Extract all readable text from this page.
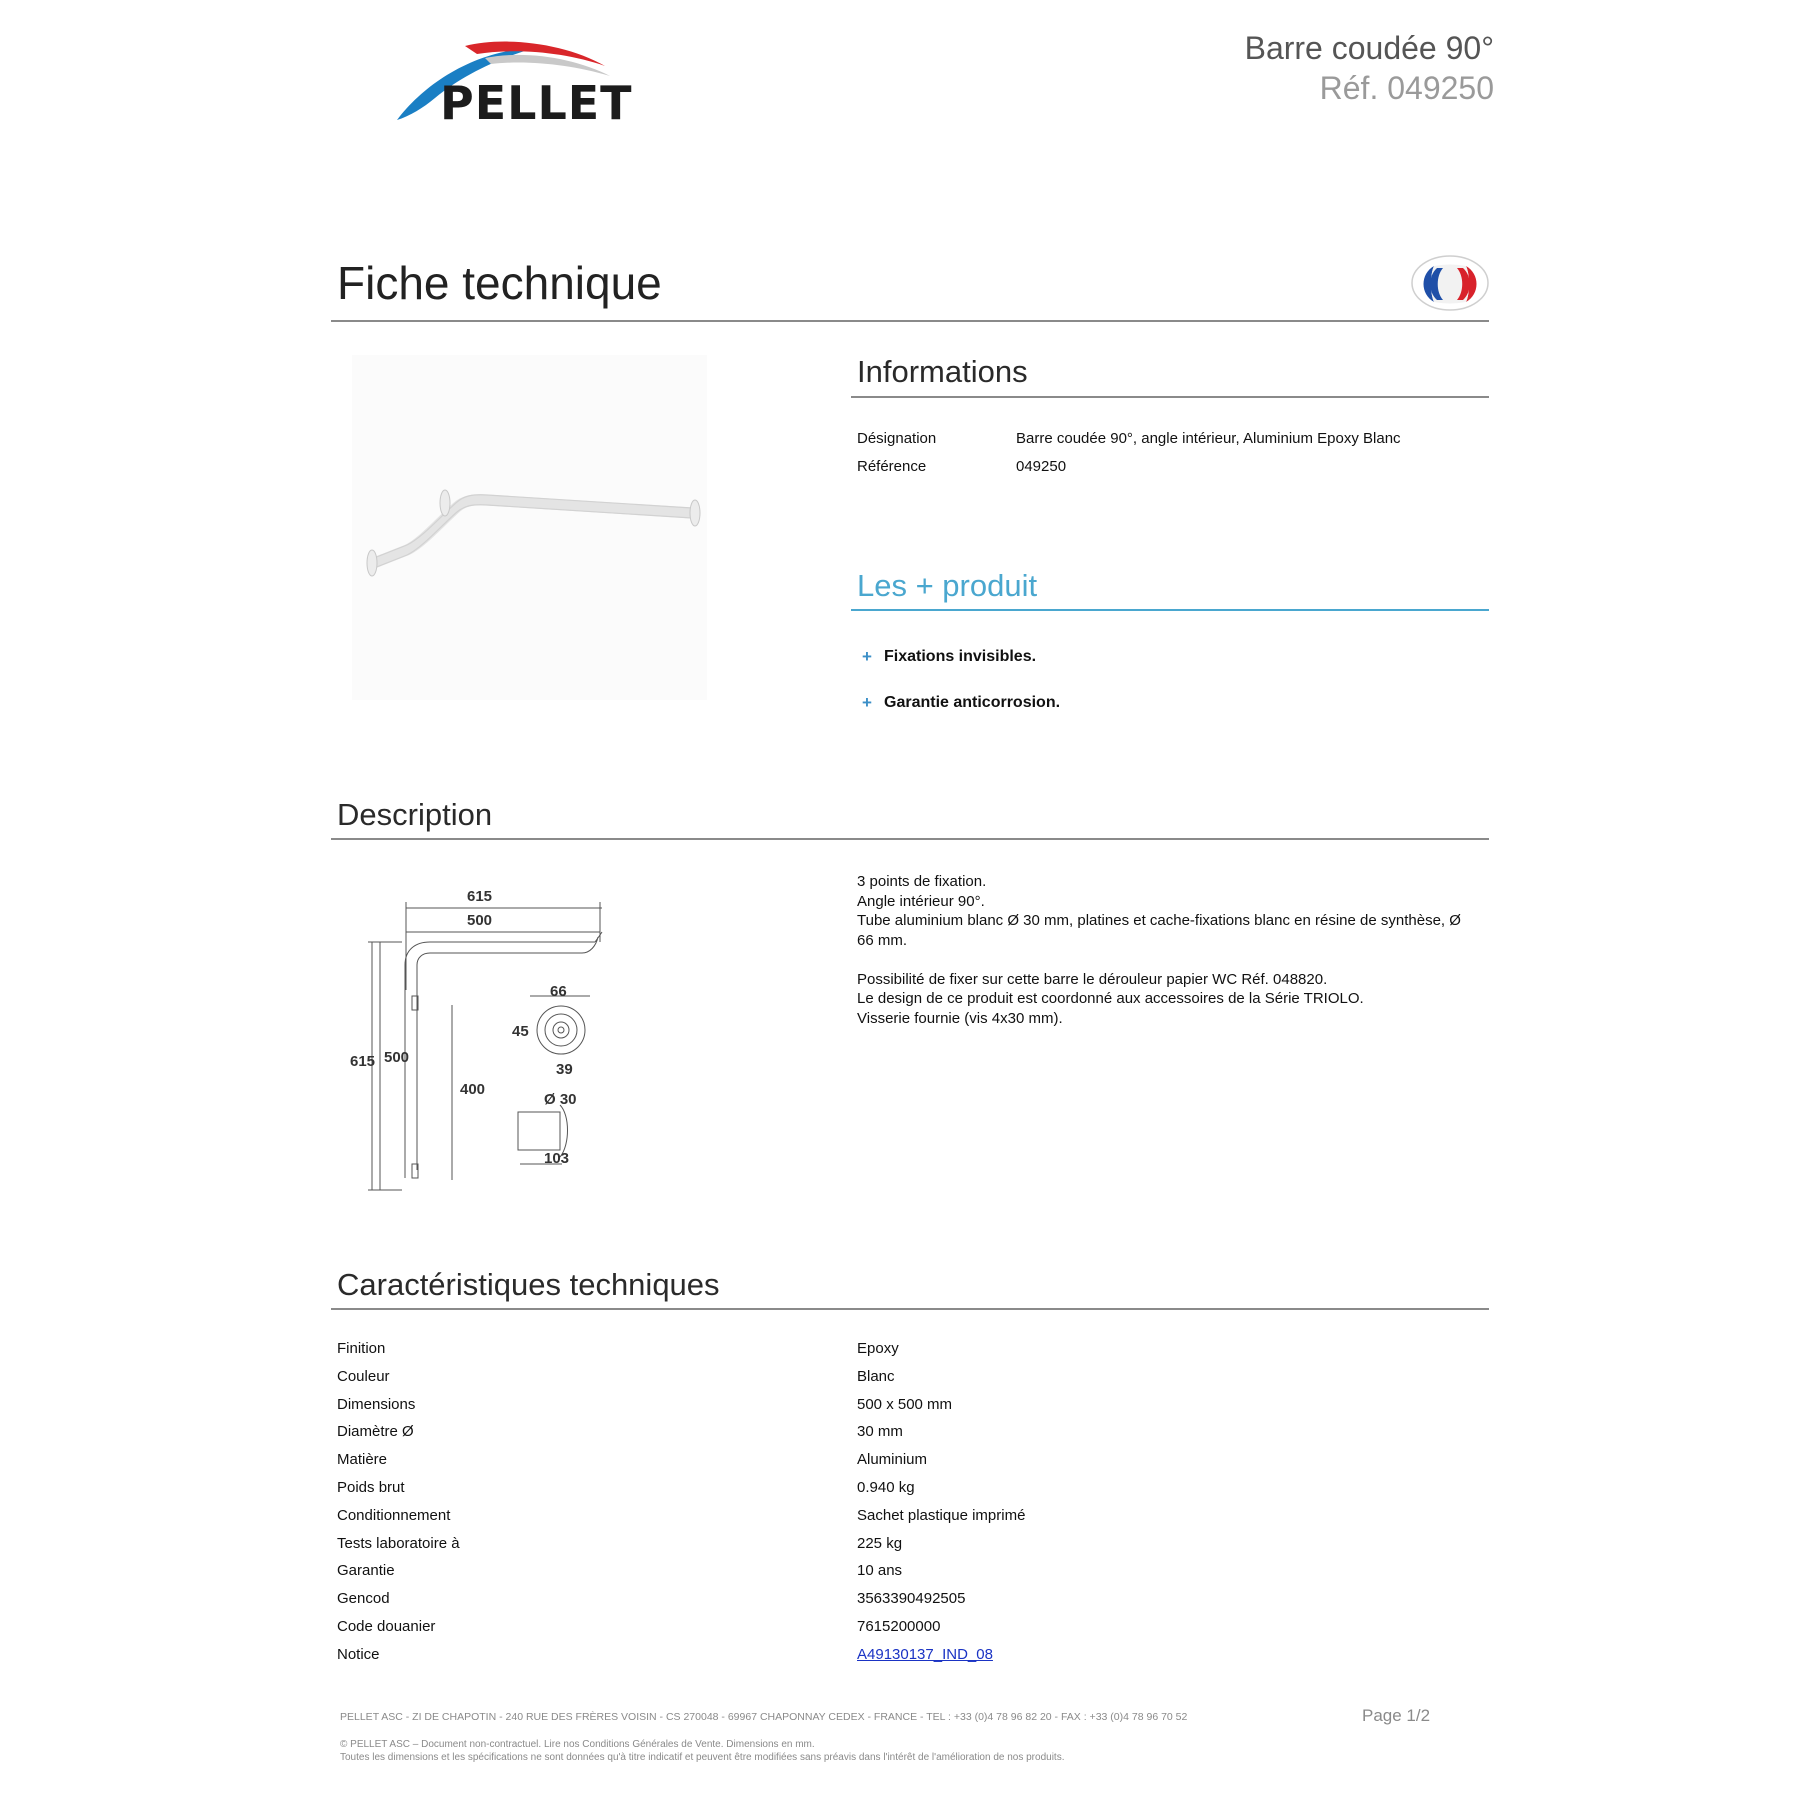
PELLET
Barre coudée 90°
Réf. 049250
Fiche technique
Informations
Désignation	Barre coudée 90°, angle intérieur, Aluminium Epoxy Blanc
Référence	049250
Les + produit
+ Fixations invisibles.
+ Garantie anticorrosion.
Description
615
500
615 500
400
66
45
39
Ø 30
103
3 points de fixation.
Angle intérieur 90°.
Tube aluminium blanc Ø 30 mm, platines et cache-fixations blanc en résine de synthèse, Ø
66 mm.
Possibilité de fixer sur cette barre le dérouleur papier WC Réf. 048820.
Le design de ce produit est coordonné aux accessoires de la Série TRIOLO.
Visserie fournie (vis 4x30 mm).
Caractéristiques techniques
Finition	Epoxy
Couleur	Blanc
Dimensions	500 x 500 mm
Diamètre Ø	30 mm
Matière	Aluminium
Poids brut	0.940 kg
Conditionnement	Sachet plastique imprimé
Tests laboratoire à	225 kg
Garantie	10 ans
Gencod	3563390492505
Code douanier	7615200000
Notice	A49130137_IND_08
PELLET ASC - ZI DE CHAPOTIN - 240 RUE DES FRÈRES VOISIN - CS 270048 - 69967 CHAPONNAY CEDEX - FRANCE - TEL : +33 (0)4 78 96 82 20 - FAX : +33 (0)4 78 96 70 52	Page 1/2
© PELLET ASC – Document non-contractuel. Lire nos Conditions Générales de Vente. Dimensions en mm.
Toutes les dimensions et les spécifications ne sont données qu'à titre indicatif et peuvent être modifiées sans préavis dans l'intérêt de l'amélioration de nos produits.
